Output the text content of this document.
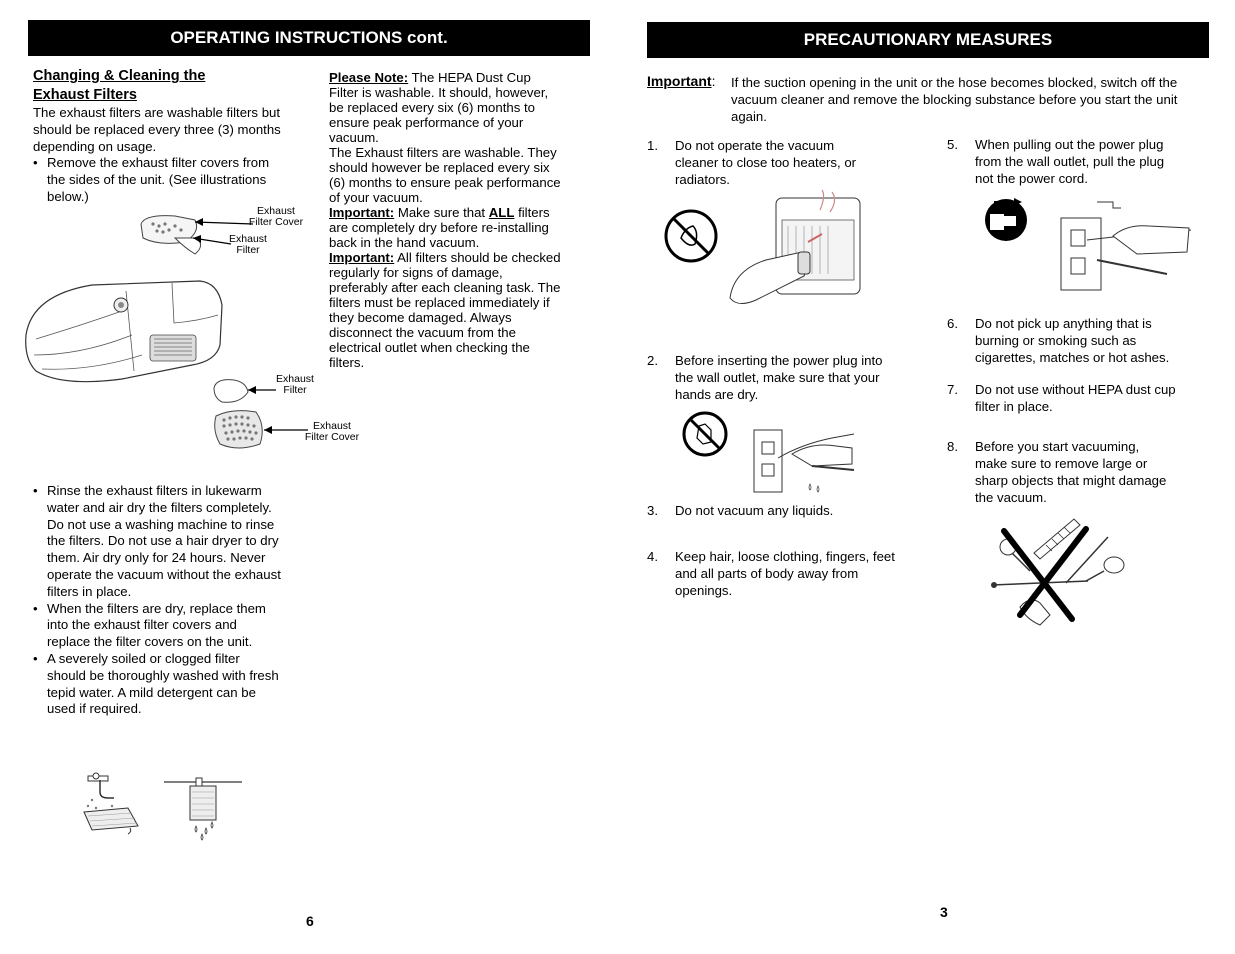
OPERATING INSTRUCTIONS cont.
Changing & Cleaning the
Exhaust Filters
The exhaust filters are washable filters but should be replaced every three (3) months depending on usage.
• Remove the exhaust filter covers from the sides of the unit. (See illustrations below.)
Exhaust
Filter Cover
Exhaust
Filter
Exhaust
Filter
Exhaust
Filter Cover
Please Note: The HEPA Dust Cup
Filter is washable. It should, however,
be replaced every six (6) months to
ensure peak performance of your
vacuum.
The Exhaust filters are washable. They
should however be replaced every six
(6) months to ensure peak performance
of your vacuum.
Important: Make sure that ALL filters
are completely dry before re-installing
back in the hand vacuum.
Important: All filters should be checked
regularly for signs of damage,
preferably after each cleaning task. The
filters must be replaced immediately if
they become damaged. Always
disconnect the vacuum from the
electrical outlet when checking the
filters.
• Rinse the exhaust filters in lukewarm water and air dry the filters completely. Do not use a washing machine to rinse the filters. Do not use a hair dryer to dry them. Air dry only for 24 hours. Never operate the vacuum without the exhaust filters in place.
• When the filters are dry, replace them into the exhaust filter covers and replace the filter covers on the unit.
• A severely soiled or clogged filter should be thoroughly washed with fresh tepid water. A mild detergent can be used if required.
6
PRECAUTIONARY MEASURES
Important: If the suction opening in the unit or the hose becomes blocked, switch off the vacuum cleaner and remove the blocking substance before you start the unit again.
1. Do not operate the vacuum cleaner to close too heaters, or radiators.
2. Before inserting the power plug into the wall outlet, make sure that your hands are dry.
3. Do not vacuum any liquids.
4. Keep hair, loose clothing, fingers, feet and all parts of body away from openings.
5. When pulling out the power plug from the wall outlet, pull the plug not the power cord.
6. Do not pick up anything that is burning or smoking such as cigarettes, matches or hot ashes.
7. Do not use without HEPA dust cup filter in place.
8. Before you start vacuuming, make sure to remove large or sharp objects that might damage the vacuum.
3
